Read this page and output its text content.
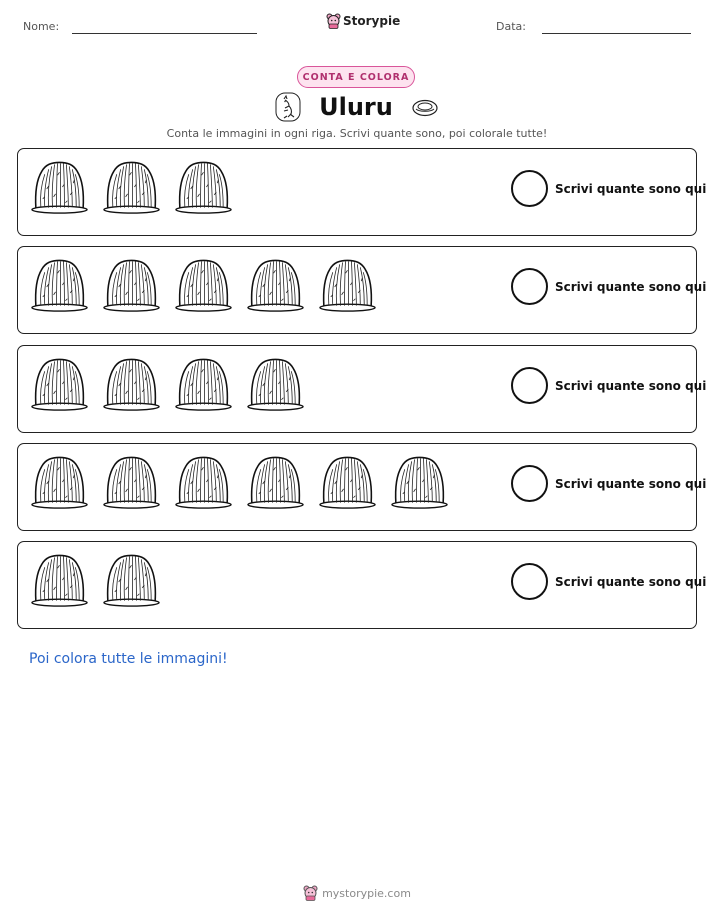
Nome:	Storypie	Data:
CONTA E COLORA
Uluru
Conta le immagini in ogni riga. Scrivi quante sono, poi colorale tutte!
Scrivi quante sono qui
Scrivi quante sono qui
Scrivi quante sono qui
Scrivi quante sono qui
Scrivi quante sono qui
Poi colora tutte le immagini!
mystorypie.com
